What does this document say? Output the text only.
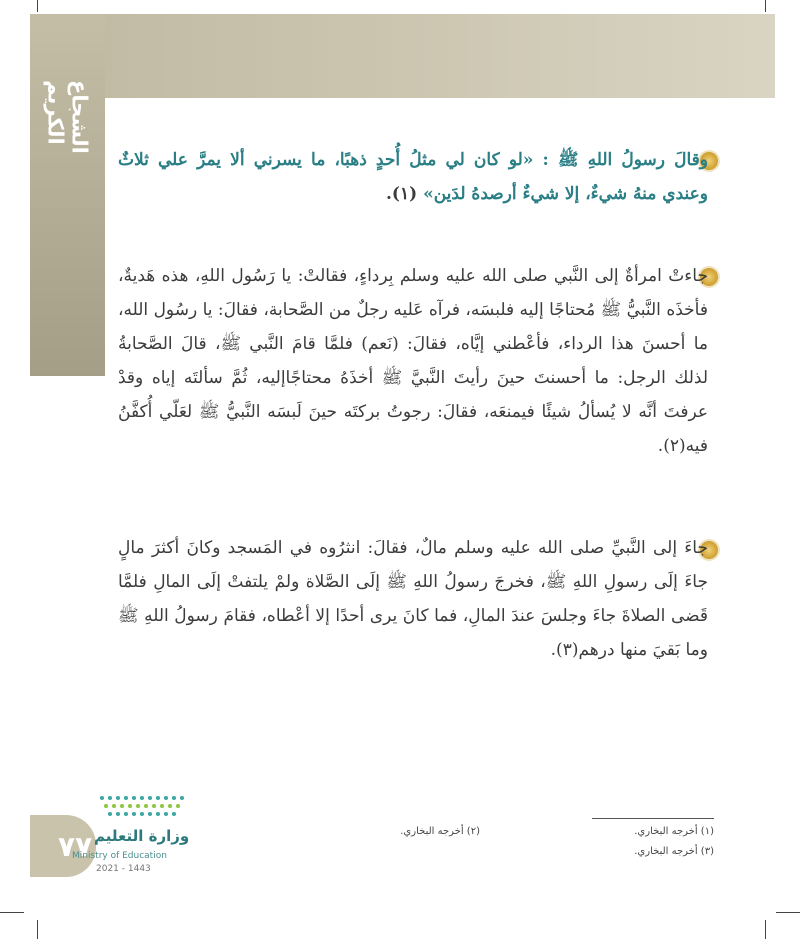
الشجاع الكريم
وقالَ رسولُ اللهِ ﷺ : «لو كان لي مثلُ أُحدٍ ذهبًا، ما يسرني ألا يمرَّ علي ثلاثٌ وعندي منهُ شيءٌ، إلا شيءٌ أرصدهُ لدَين» (١).
جاءتْ امرأةٌ إلى النَّبي صلى الله عليه وسلم بِرداءٍ، فقالتْ: يا رَسُول اللهِ، هذه هَديةٌ، فأخذَه النَّبيُّ ﷺ مُحتاجًا إليه فلبسَه، فرآه عَليه رجلٌ من الصَّحابة، فقالَ: يا رسُول الله، ما أحسنَ هذا الرداء، فأعْطني إيَّاه، فقالَ: (نَعم) فلمَّا قامَ النَّبي ﷺ، قالَ الصَّحابةُ لذلك الرجل: ما أحسنتَ حينَ رأيتَ النَّبيَّ ﷺ أخذَهُ محتاجًاإليه، ثُمَّ سألتَه إياه وقدْ عرفتَ أنَّه لا يُسألُ شيئًا فيمنعَه، فقالَ: رجوتُ بركتَه حينَ لَبسَه النَّبيُّ ﷺ لعَلّي أُكفَّنُ فيه(٢).
جاءَ إلى النَّبيِّ صلى الله عليه وسلم مالٌ، فقالَ: انثرُوه في المَسجد وكانَ أكثرَ مالٍ جاءَ إلَى رسولِ اللهِ ﷺ، فخرجَ رسولُ اللهِ ﷺ إلَى الصَّلاة ولمْ يلتفتْ إلَى المالِ فلمَّا قَضى الصلاةَ جاءَ وجلسَ عندَ المالِ، فما كانَ يرى أحدًا إلا أعْطاه، فقامَ رسولُ اللهِ ﷺ وما بَقيَ منها درهم(٣).
(١) أخرجه البخاري.
(٢) أخرجه البخاري.
(٣) أخرجه البخاري.
٧٧ وزارة التعليم
Ministry of Education
2021 - 1443
